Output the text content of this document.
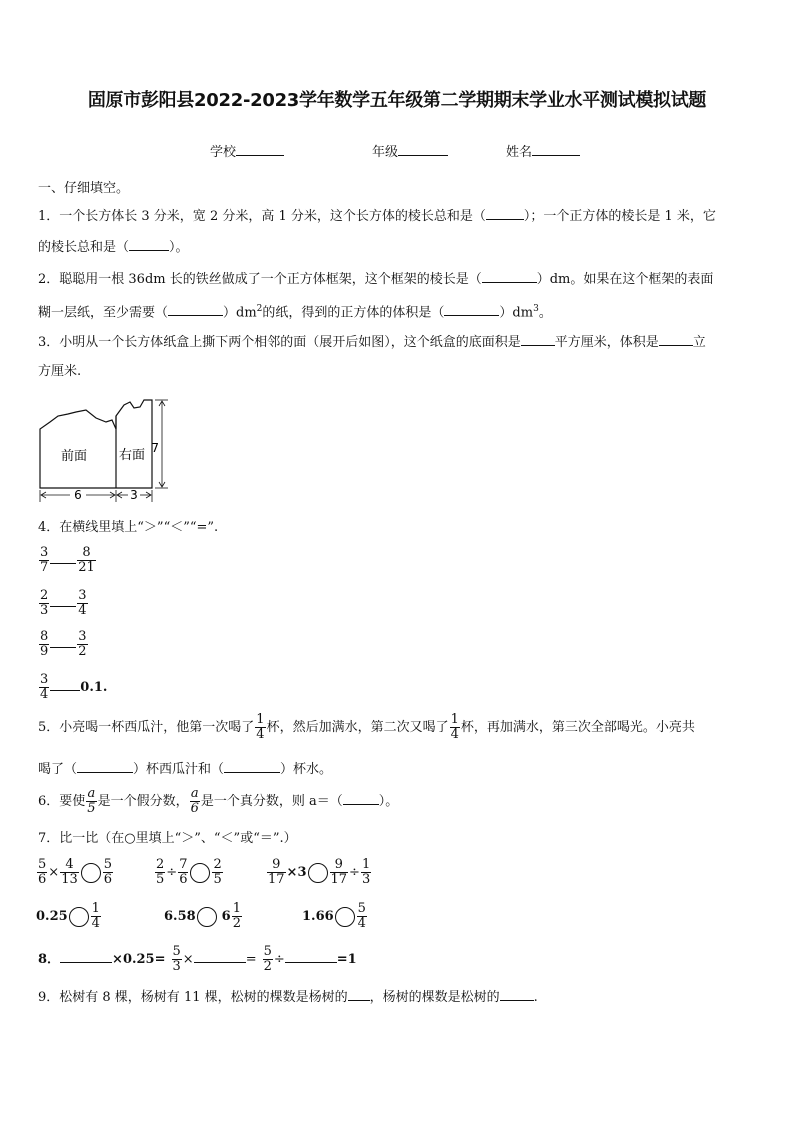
固原市彭阳县2022-2023学年数学五年级第二学期期末学业水平测试模拟试题
学校	年级	姓名
一、仔细填空。
1．一个长方体长 3 分米，宽 2 分米，高 1 分米，这个长方体的棱长总和是（	）；一个正方体的棱长是 1 米，它
的棱长总和是（	）。
2．聪聪用一根 36dm 长的铁丝做成了一个正方体框架，这个框架的棱长是（	）dm。如果在这个框架的表面
糊一层纸，至少需要（	）$dm^2$的纸，得到的正方体的体积是（	）$dm^3$。
3．小明从一个长方体纸盒上撕下两个相邻的面（展开后如图），这个纸盒的底面积是	平方厘米，体积是	立
方厘米.
前面 右面 7
6	3
4．在横线里填上“＞”“＜”“=”.
$\frac{3}{7} \frac{8}{21}$
$\frac{2}{3} \frac{3}{4}$
$\frac{8}{9} \frac{3}{2}$
$\frac{3}{4} 0.1$.
5．小亮喝一杯西瓜汁，他第一次喝了 $\frac{1}{4}$ 杯，然后加满水，第二次又喝了 $\frac{1}{4}$ 杯，再加满水，第三次全部喝光。小亮共
喝了（	）杯西瓜汁和（	）杯水。
6．要使 $\frac{a}{5}$ 是一个假分数， $\frac{a}{6}$ 是一个真分数，则 a＝（	）。
7．比一比（在○里填上“＞”、“＜”或“＝”.）
$\frac{5}{6} \times \frac{4}{13} \frac{5}{6}$	$\frac{2}{5} \div \frac{7}{6} \frac{2}{5}$	$\frac{9}{17} \times 3 \frac{9}{17} \div \frac{1}{3}$
$0.25 \frac{1}{4}$	6.58 $6 \frac{1}{2}$	$1.66 \frac{5}{4}$
8．	$\times 0.25= \frac{5}{3}$ ×	= $\frac{5}{2}$ ÷	=1
9．松树有 8 棵，杨树有 11 棵，松树的棵数是杨树的 ，杨树的棵数是松树的	.
